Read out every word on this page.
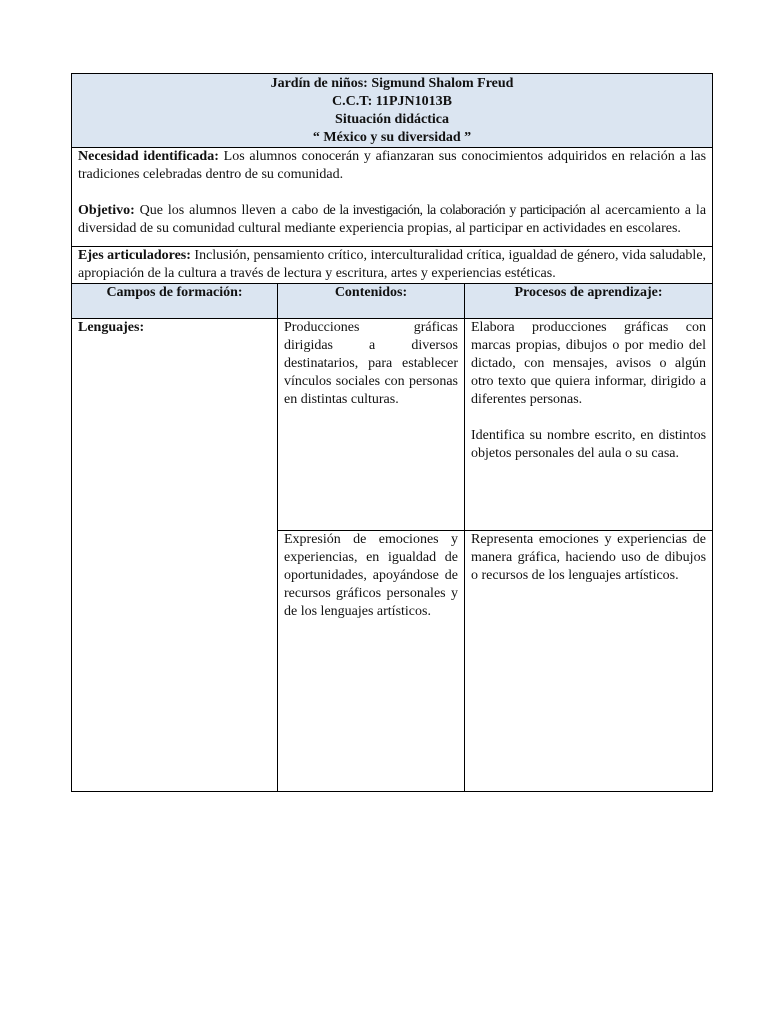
Jardín de niños: Sigmund Shalom Freud
C.C.T: 11PJN1013B
Situación didáctica
“ México y su diversidad ”		

Necesidad identificada: Los alumnos conocerán y afianzaran sus conocimientos adquiridos en relación a las tradiciones celebradas dentro de su comunidad.

Objetivo: Que los alumnos lleven a cabo de la investigación, la colaboración y participación al acercamiento a la diversidad de su comunidad cultural mediante experiencia propias, al participar en actividades en escolares.		

Ejes articuladores: Inclusión, pensamiento crítico, interculturalidad crítica, igualdad de género, vida saludable, apropiación de la cultura a través de lectura y escritura, artes y experiencias estéticas.		

Campos de formación:	Contenidos:	Procesos de aprendizaje:
Lenguajes:	Producciones gráficas dirigidas a diversos destinatarios, para establecer vínculos sociales con personas en distintas culturas.	Elabora producciones gráficas con marcas propias, dibujos o por medio del dictado, con mensajes, avisos o algún otro texto que quiera informar, dirigido a diferentes personas.

Identifica su nombre escrito, en distintos objetos personales del aula o su casa.

	Expresión de emociones y experiencias, en igualdad de oportunidades, apoyándose de recursos gráficos personales y de los lenguajes artísticos.	Representa emociones y experiencias de manera gráfica, haciendo uso de dibujos o recursos de los lenguajes artísticos.
